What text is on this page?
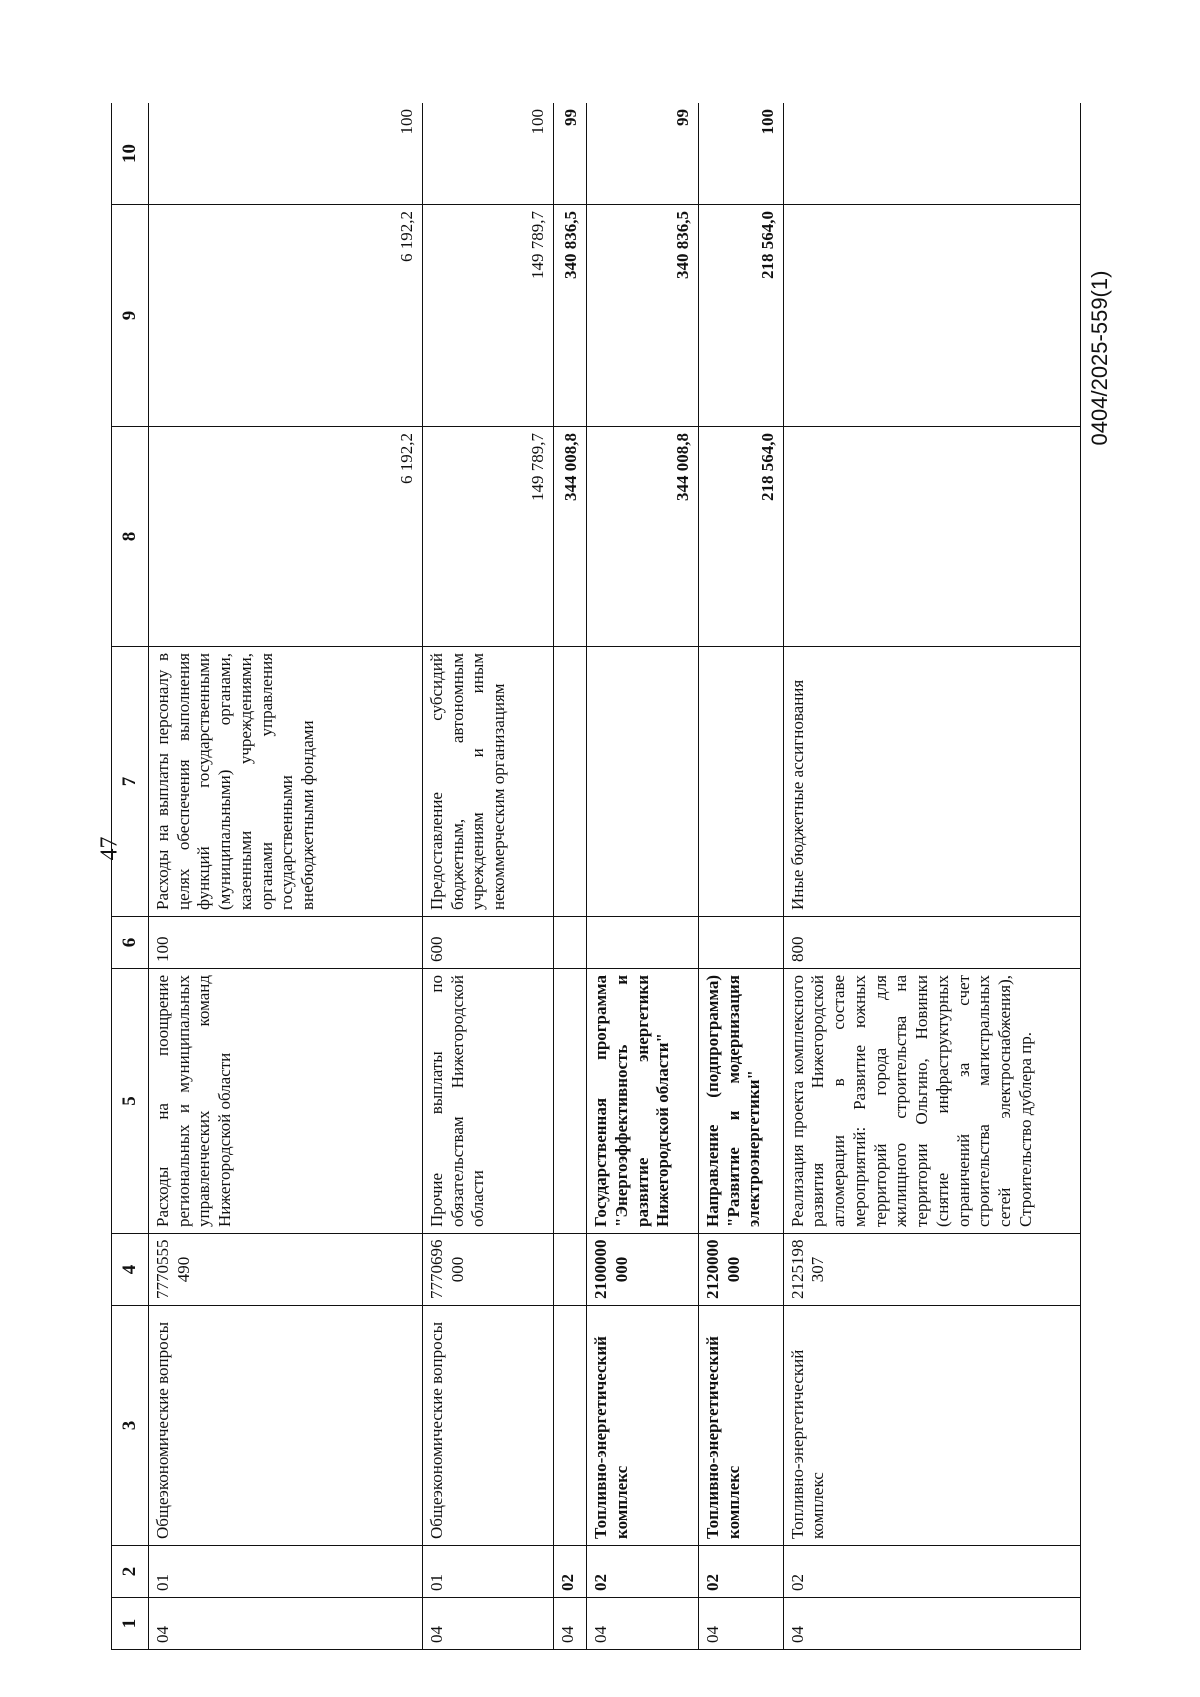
47
0404/2025-559(1)
1	2	3	4	5	6	7	8	9	10
04	01	Общеэкономические вопросы	7770555 490	Расходы на поощрение региональных и муниципальных управленческих команд Нижегородской области	100	Расходы на выплаты персоналу в целях обеспечения выполнения функций государственными (муниципальными) органами, казенными учреждениями, органами управления государственными внебюджетными фондами	6 192,2	6 192,2	100
04	01	Общеэкономические вопросы	7770696 000	Прочие выплаты по обязательствам Нижегородской области	600	Предоставление субсидий бюджетным, автономным учреждениям и иным некоммерческим организациям	149 789,7	149 789,7	100
04	02						344 008,8	340 836,5	99
04	02	Топливно-энергетический комплекс	2100000 000	Государственная программа "Энергоэффективность и развитие энергетики Нижегородской области"			344 008,8	340 836,5	99
04	02	Топливно-энергетический комплекс	2120000 000	Направление (подпрограмма) "Развитие и модернизация электроэнергетики"			218 564,0	218 564,0	100
04	02	Топливно-энергетический комплекс	2125198 307	Реализация проекта комплексного развития Нижегородской агломерации в составе мероприятий: Развитие южных территорий города для жилищного строительства на территории Ольгино, Новинки (снятие инфраструктурных ограничений за счет строительства магистральных сетей электроснабжения), Строительство дублера пр.	800	Иные бюджетные ассигнования			
